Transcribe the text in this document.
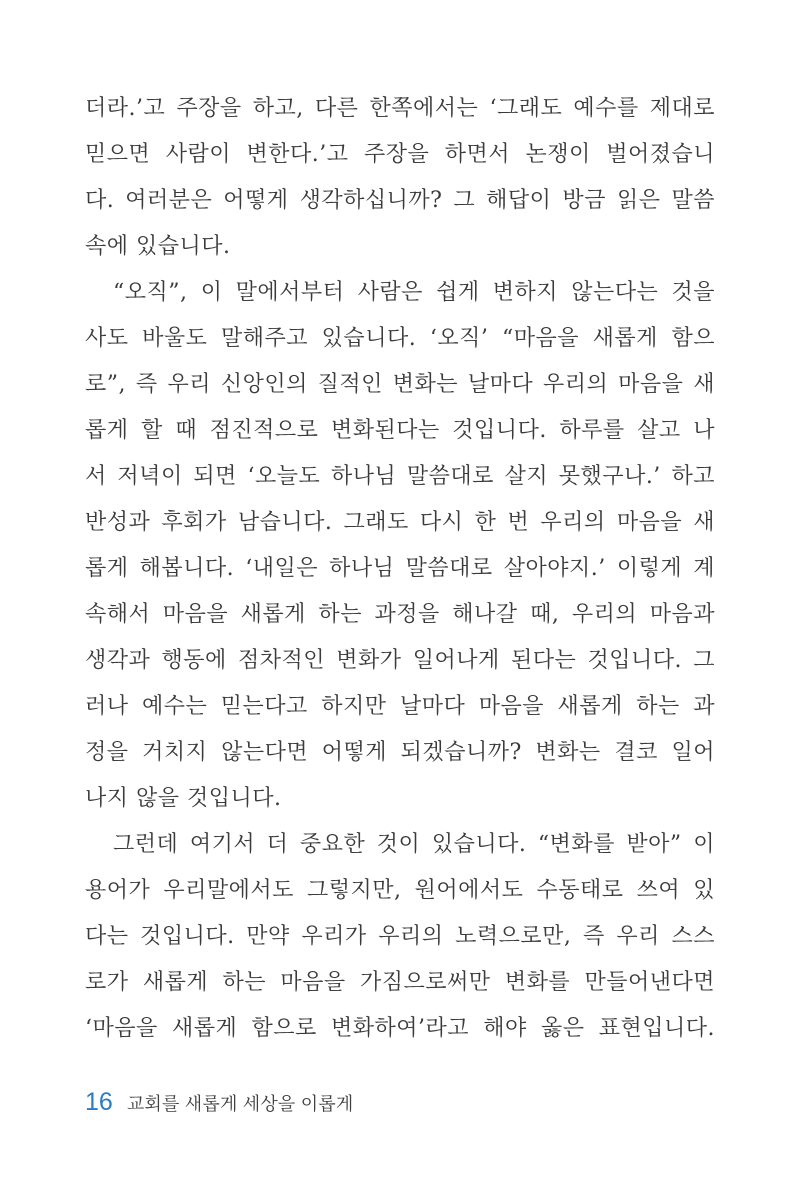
더라.’고 주장을 하고, 다른 한쪽에서는 ‘그래도 예수를 제대로
믿으면 사람이 변한다.’고 주장을 하면서 논쟁이 벌어졌습니
다. 여러분은 어떻게 생각하십니까? 그 해답이 방금 읽은 말씀
속에 있습니다.

“오직”, 이 말에서부터 사람은 쉽게 변하지 않는다는 것을
사도 바울도 말해주고 있습니다. ‘오직’ “마음을 새롭게 함으
로”, 즉 우리 신앙인의 질적인 변화는 날마다 우리의 마음을 새
롭게 할 때 점진적으로 변화된다는 것입니다. 하루를 살고 나
서 저녁이 되면 ‘오늘도 하나님 말씀대로 살지 못했구나.’ 하고
반성과 후회가 남습니다. 그래도 다시 한 번 우리의 마음을 새
롭게 해봅니다. ‘내일은 하나님 말씀대로 살아야지.’ 이렇게 계
속해서 마음을 새롭게 하는 과정을 해나갈 때, 우리의 마음과
생각과 행동에 점차적인 변화가 일어나게 된다는 것입니다. 그
러나 예수는 믿는다고 하지만 날마다 마음을 새롭게 하는 과
정을 거치지 않는다면 어떻게 되겠습니까? 변화는 결코 일어
나지 않을 것입니다.

그런데 여기서 더 중요한 것이 있습니다. “변화를 받아” 이
용어가 우리말에서도 그렇지만, 원어에서도 수동태로 쓰여 있
다는 것입니다. 만약 우리가 우리의 노력으로만, 즉 우리 스스
로가 새롭게 하는 마음을 가짐으로써만 변화를 만들어낸다면
‘마음을 새롭게 함으로 변화하여’라고 해야 옳은 표현입니다.

16 교회를 새롭게 세상을 이롭게
